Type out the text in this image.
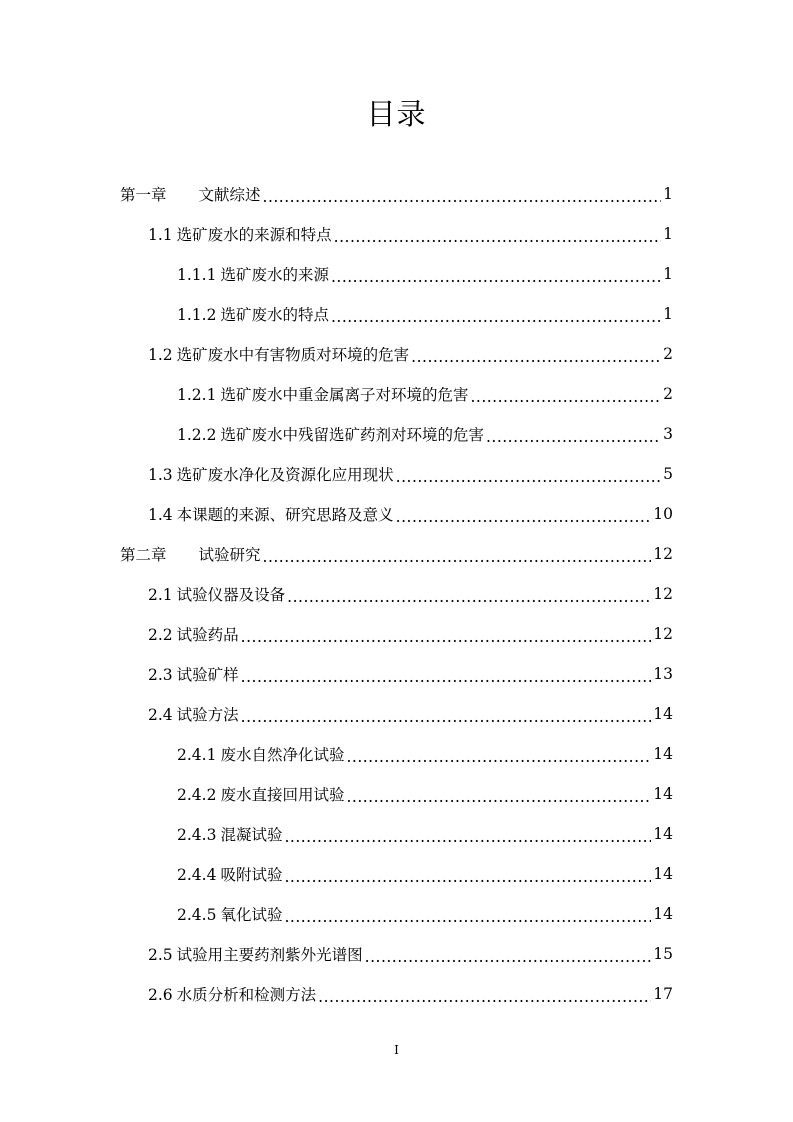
目录
第一章 文献综述 .....	1
1.1 选矿废水的来源和特点 .....	1
1.1.1 选矿废水的来源 .....	1
1.1.2 选矿废水的特点 .....	1
1.2 选矿废水中有害物质对环境的危害 .....	2
1.2.1 选矿废水中重金属离子对环境的危害 .....	2
1.2.2 选矿废水中残留选矿药剂对环境的危害 .....	3
1.3 选矿废水净化及资源化应用现状 .....	5
1.4 本课题的来源、研究思路及意义 .....	10
第二章 试验研究 .....	12
2.1 试验仪器及设备 .....	12
2.2 试验药品 .....	12
2.3 试验矿样 .....	13
2.4 试验方法 .....	14
2.4.1 废水自然净化试验 .....	14
2.4.2 废水直接回用试验 .....	14
2.4.3 混凝试验 .....	14
2.4.4 吸附试验 .....	14
2.4.5 氧化试验 .....	14
2.5 试验用主要药剂紫外光谱图 .....	15
2.6 水质分析和检测方法 .....	17
I
